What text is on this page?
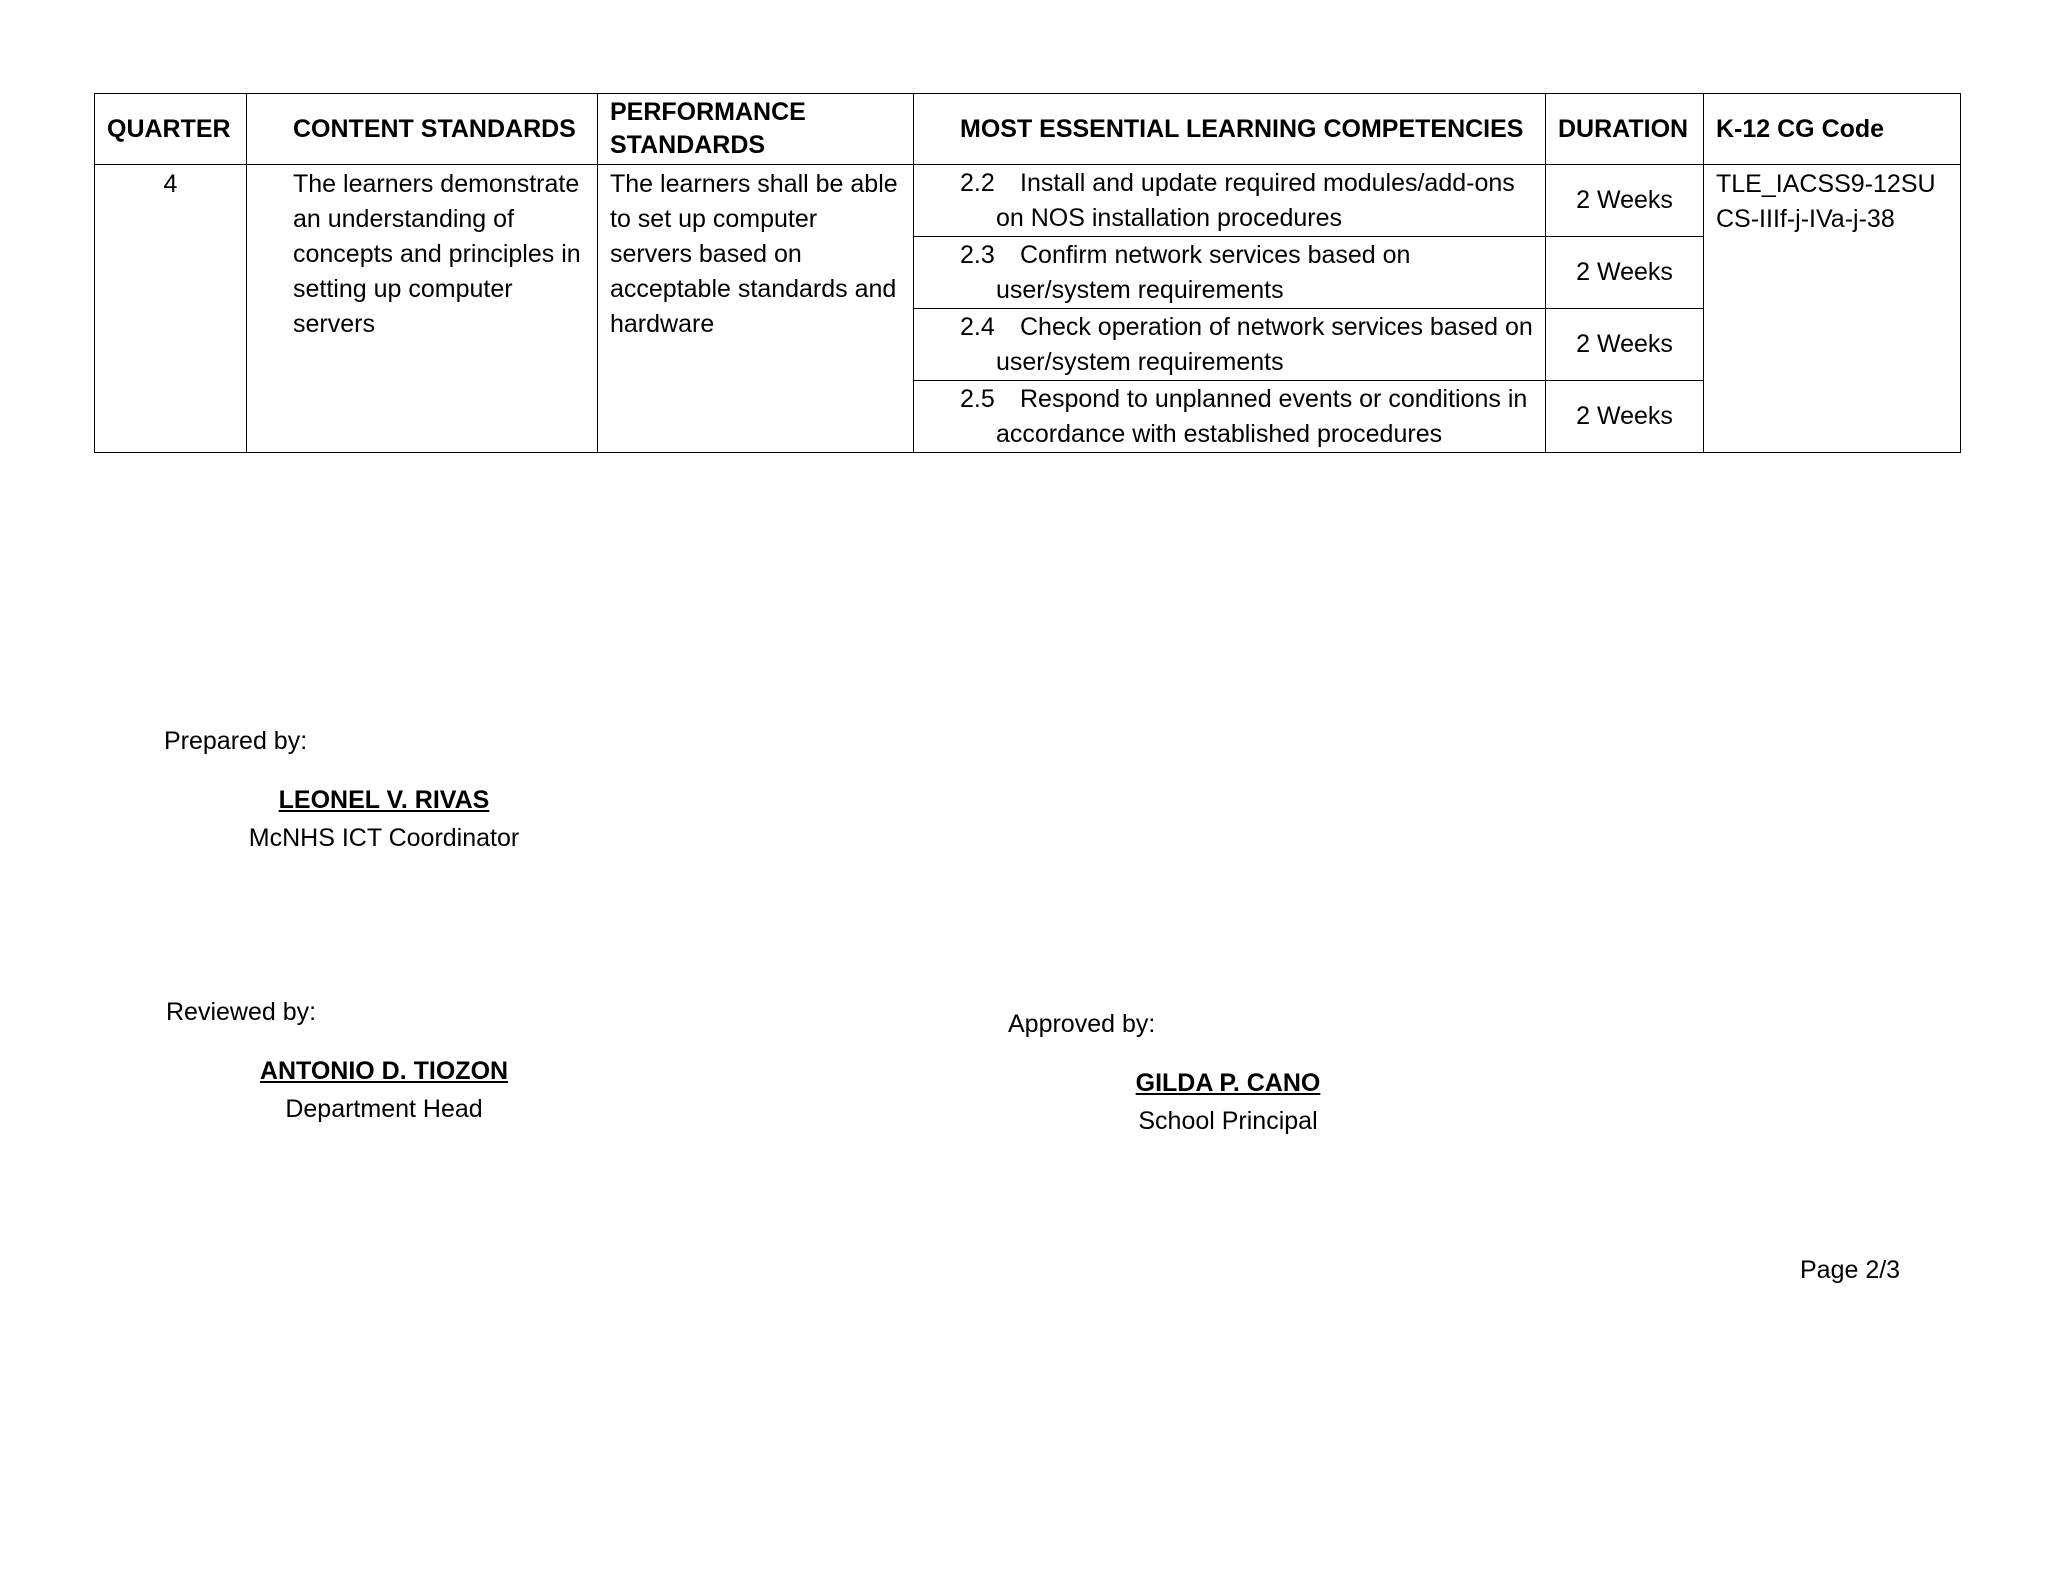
QUARTER	CONTENT STANDARDS	PERFORMANCE STANDARDS	MOST ESSENTIAL LEARNING COMPETENCIES	DURATION	K-12 CG Code
4	The learners demonstrate an understanding of concepts and principles in setting up computer servers	The learners shall be able to set up computer servers based on acceptable standards and hardware	2.2 Install and update required modules/add-ons on NOS installation procedures	2 Weeks	TLE_IACSS9-12SUCS-IIIf-j-IVa-j-38

			2.3 Confirm network services based on user/system requirements	2 Weeks	

			2.4 Check operation of network services based on user/system requirements	2 Weeks	

			2.5 Respond to unplanned events or conditions in accordance with established procedures	2 Weeks	
Prepared by:
LEONEL V. RIVAS
McNHS ICT Coordinator
Reviewed by:
ANTONIO D. TIOZON
Department Head
Approved by:
GILDA P. CANO
School Principal
Page 2/3
